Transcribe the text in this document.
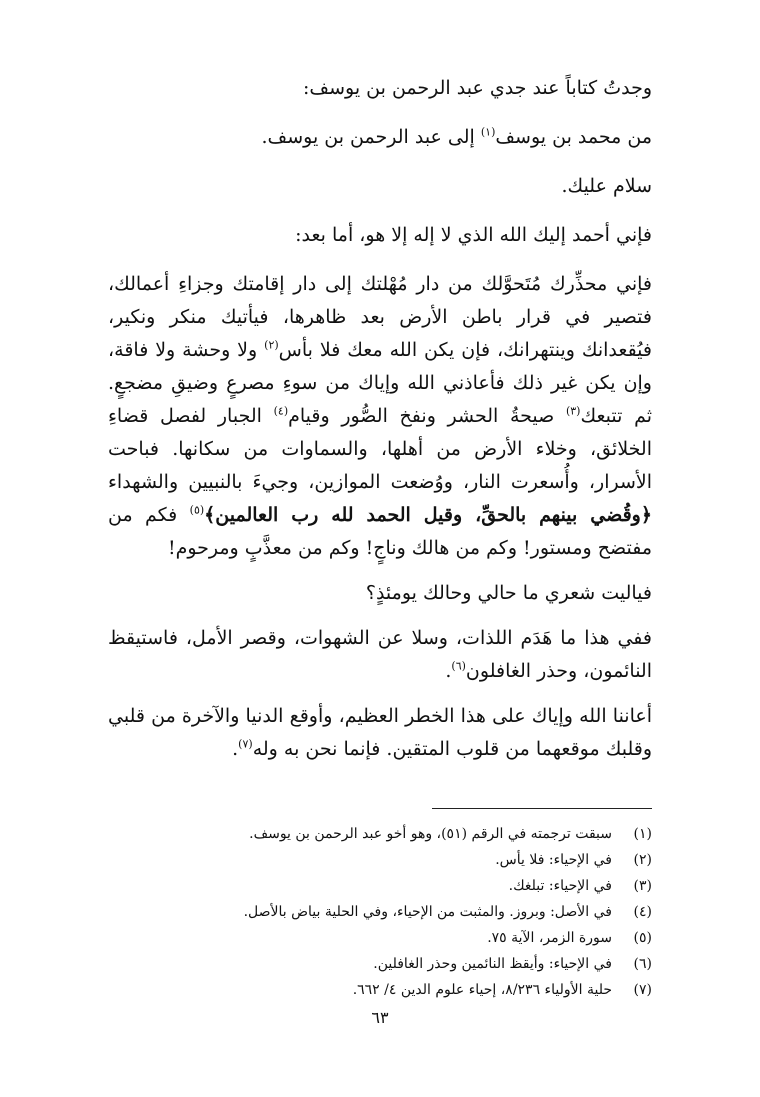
وجدتُ كتاباً عند جدي عبد الرحمن بن يوسف:

من محمد بن يوسف$^{(١)}$ إلى عبد الرحمن بن يوسف.

سلام عليك.

فإني أحمد إليك الله الذي لا إله إلا هو، أما بعد:

فإني محذِّرك مُتَحوَّلك من دار مُهْلتك إلى دار إقامتك وجزاءِ أعمالك، فتصير في قرار باطن الأرض بعد ظاهرها، فيأتيك منكر ونكير، فيُقعدانك وينتهرانك، فإن يكن الله معك فلا بأس$^{(٢)}$ ولا وحشة ولا فاقة، وإن يكن غير ذلك فأعاذني الله وإياك من سوءِ مصرعٍ وضيقِ مضجعٍ. ثم تتبعك$^{(٣)}$ صيحةُ الحشر ونفخ الصُّور وقيام$^{(٤)}$ الجبار لفصل قضاءِ الخلائق، وخلاء الأرض من أهلها، والسماوات من سكانها. فباحت الأسرار، وأُسعرت النار، ووُضعت الموازين، وجيءَ بالنبيين والشهداء ﴿وقُضي بينهم بالحقِّ، وقيل الحمد لله رب العالمين﴾$^{(٥)}$ فكم من مفتضح ومستور! وكم من هالك وناجٍ! وكم من معذَّبٍ ومرحوم!

فياليت شعري ما حالي وحالك يومئذٍ؟

ففي هذا ما هَدَم اللذات، وسلا عن الشهوات، وقصر الأمل، فاستيقظ النائمون، وحذر الغافلون$^{(٦)}$.

أعاننا الله وإياك على هذا الخطر العظيم، وأوقع الدنيا والآخرة من قلبي وقلبك موقعهما من قلوب المتقين. فإنما نحن به وله$^{(٧)}$.

(١)
سبقت ترجمته في الرقم (٥١)، وهو أخو عبد الرحمن بن يوسف.
(٢)
في الإحياء: فلا يأس.
(٣)
في الإحياء: تبلغك.
(٤)
في الأصل: وبروز. والمثبت من الإحياء، وفي الحلية بياض بالأصل.
(٥)
سورة الزمر، الآية ٧٥.
(٦)
في الإحياء: وأيقظ النائمين وحذر الغافلين.
(٧)
حلية الأولياء ٨/٢٣٦، إحياء علوم الدين ٤/ ٦٦٢.
٦٣
